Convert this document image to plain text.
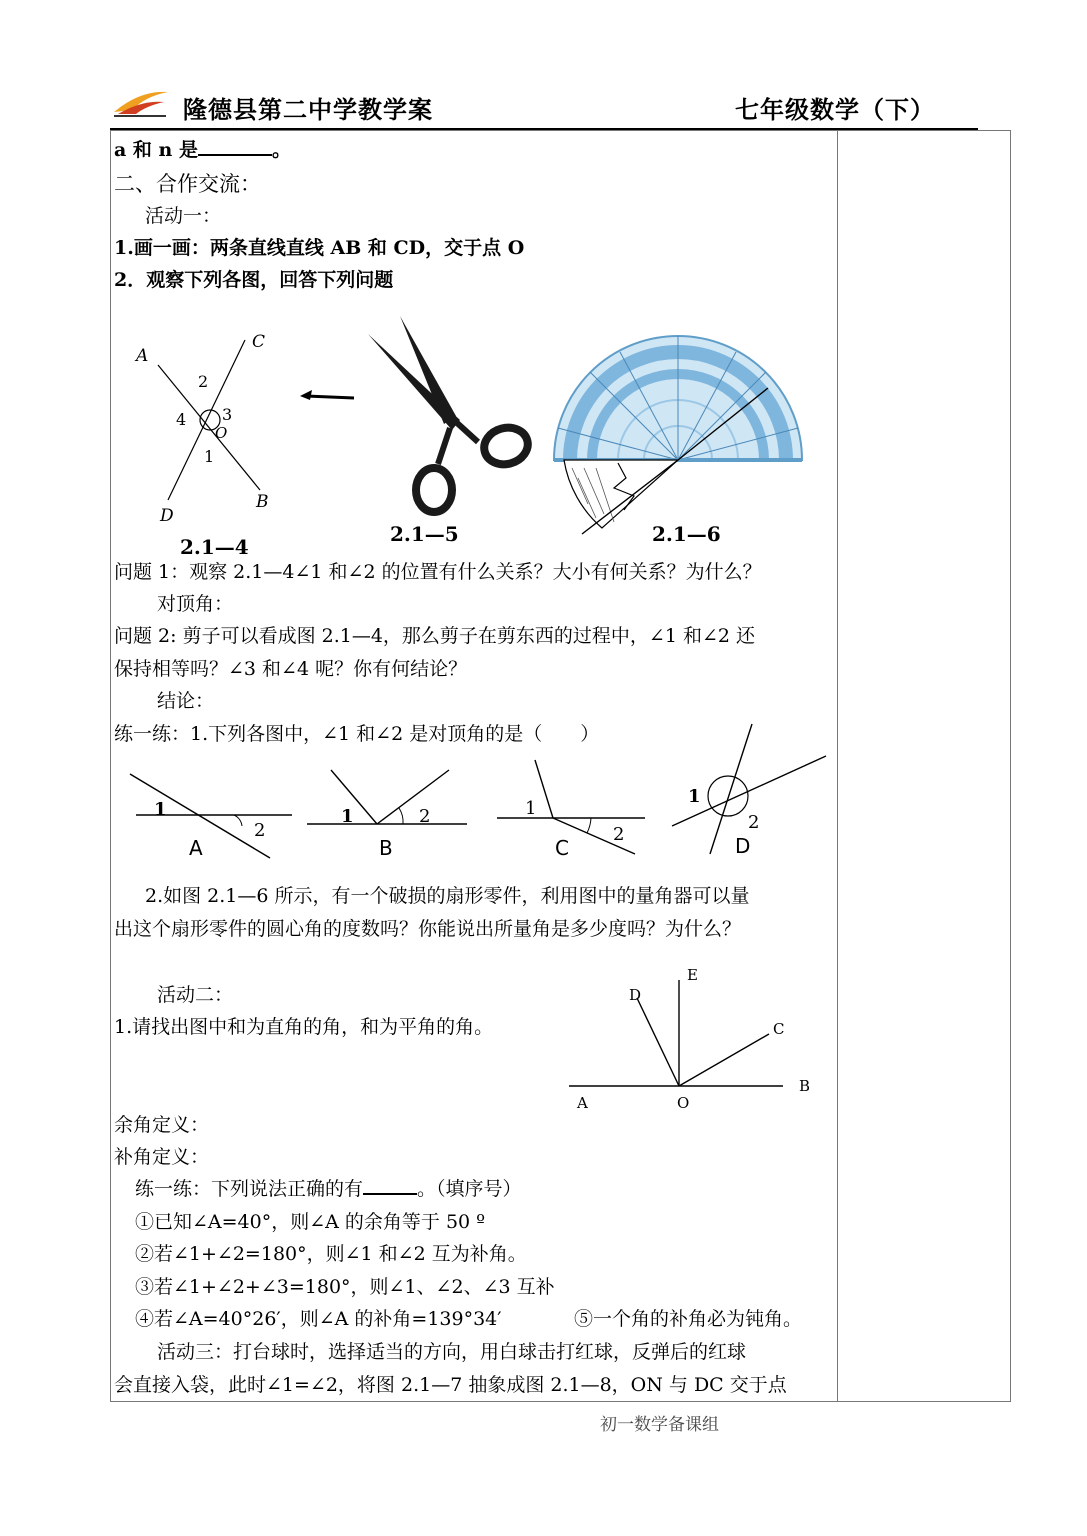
隆德县第二中学教学案	七年级数学（下）
a 和 n 是	。
二、合作交流：
活动一：
1.画一画：两条直线直线 AB 和 CD，交于点 O
2．观察下列各图，回答下列问题
A
C
D
B
O
2
3
4
1
2.1—4
2.1—5	2.1—6
问题 1：观察 2.1—4∠1 和∠2 的位置有什么关系？大小有何关系？为什么？
对顶角：
问题 2: 剪子可以看成图 2.1—4，那么剪子在剪东西的过程中，∠1 和∠2 还
保持相等吗？∠3 和∠4 呢？你有何结论？
结论：
练一练：1.下列各图中，∠1 和∠2 是对顶角的是（　　）
1
2
A
1	2
B
1
2
C
1
2
D
2.如图 2.1—6 所示，有一个破损的扇形零件，利用图中的量角器可以量
出这个扇形零件的圆心角的度数吗？你能说出所量角是多少度吗？为什么？
活动二：
1.请找出图中和为直角的角，和为平角的角。
E
D
C
B
A	O
余角定义：
补角定义：
练一练：下列说法正确的有	。（填序号）
①已知∠A=40°，则∠A 的余角等于 50 º
②若∠1+∠2=180°，则∠1 和∠2 互为补角。
③若∠1+∠2+∠3=180°，则∠1、∠2、∠3 互补
④若∠A=40°26′，则∠A 的补角=139°34′	⑤一个角的补角必为钝角。
活动三：打台球时，选择适当的方向，用白球击打红球，反弹后的红球
会直接入袋，此时∠1=∠2，将图 2.1—7 抽象成图 2.1—8，ON 与 DC 交于点
初一数学备课组
